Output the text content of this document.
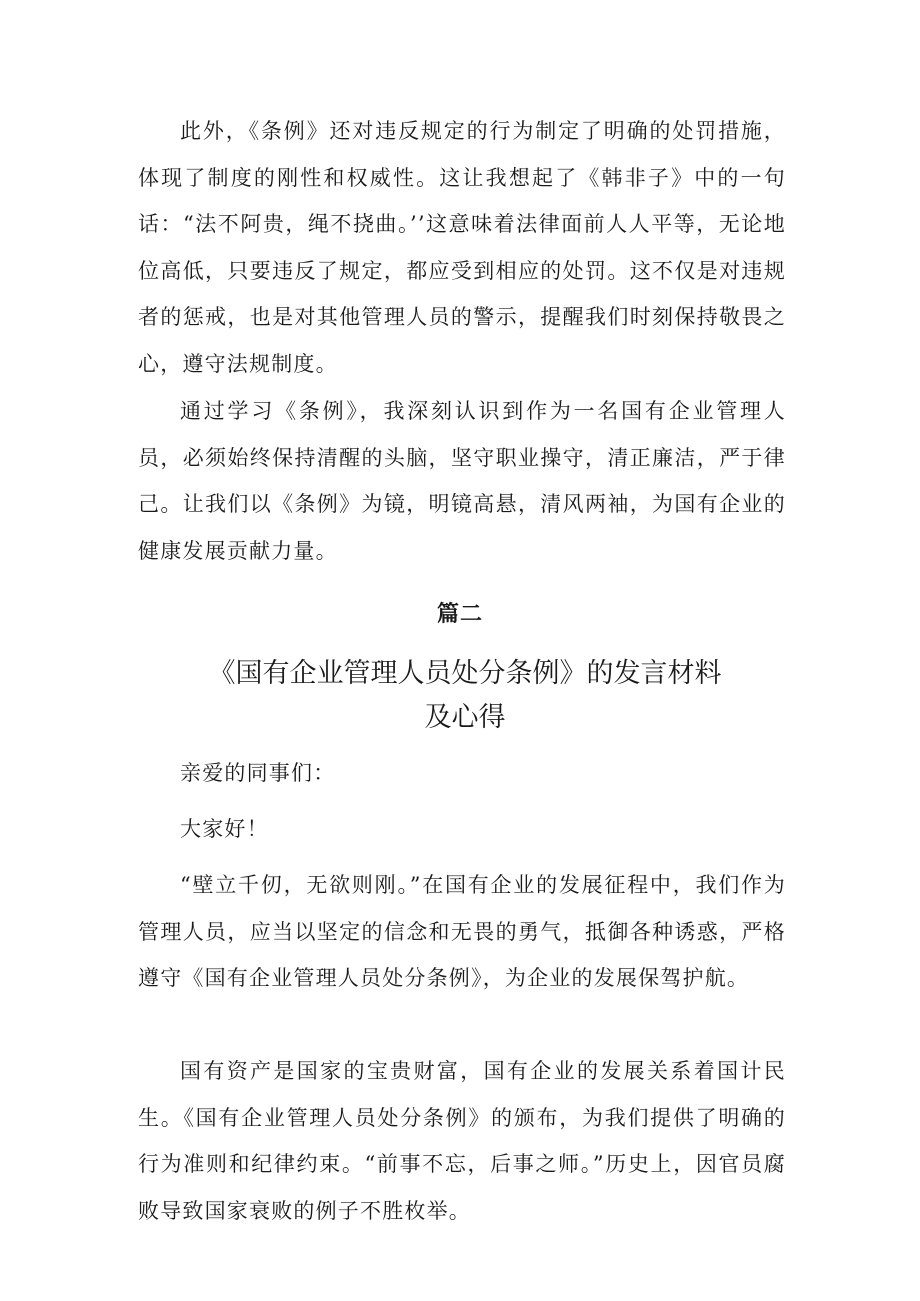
此外，《条例》还对违反规定的行为制定了明确的处罚措施，体现了制度的刚性和权威性。这让我想起了《韩非子》中的一句话：“法不阿贵，绳不挠曲。’’这意味着法律面前人人平等，无论地位高低，只要违反了规定，都应受到相应的处罚。这不仅是对违规者的惩戒，也是对其他管理人员的警示，提醒我们时刻保持敬畏之心，遵守法规制度。

通过学习《条例》，我深刻认识到作为一名国有企业管理人员，必须始终保持清醒的头脑，坚守职业操守，清正廉洁，严于律己。让我们以《条例》为镜，明镜高悬，清风两袖，为国有企业的健康发展贡献力量。

篇二
《国有企业管理人员处分条例》的发言材料及心得

亲爱的同事们：

大家好！

“壁立千仞，无欲则刚。”在国有企业的发展征程中，我们作为管理人员，应当以坚定的信念和无畏的勇气，抵御各种诱惑，严格遵守《国有企业管理人员处分条例》，为企业的发展保驾护航。

国有资产是国家的宝贵财富，国有企业的发展关系着国计民生。《国有企业管理人员处分条例》的颁布，为我们提供了明确的行为准则和纪律约束。“前事不忘，后事之师。”历史上，因官员腐败导致国家衰败的例子不胜枚举。
